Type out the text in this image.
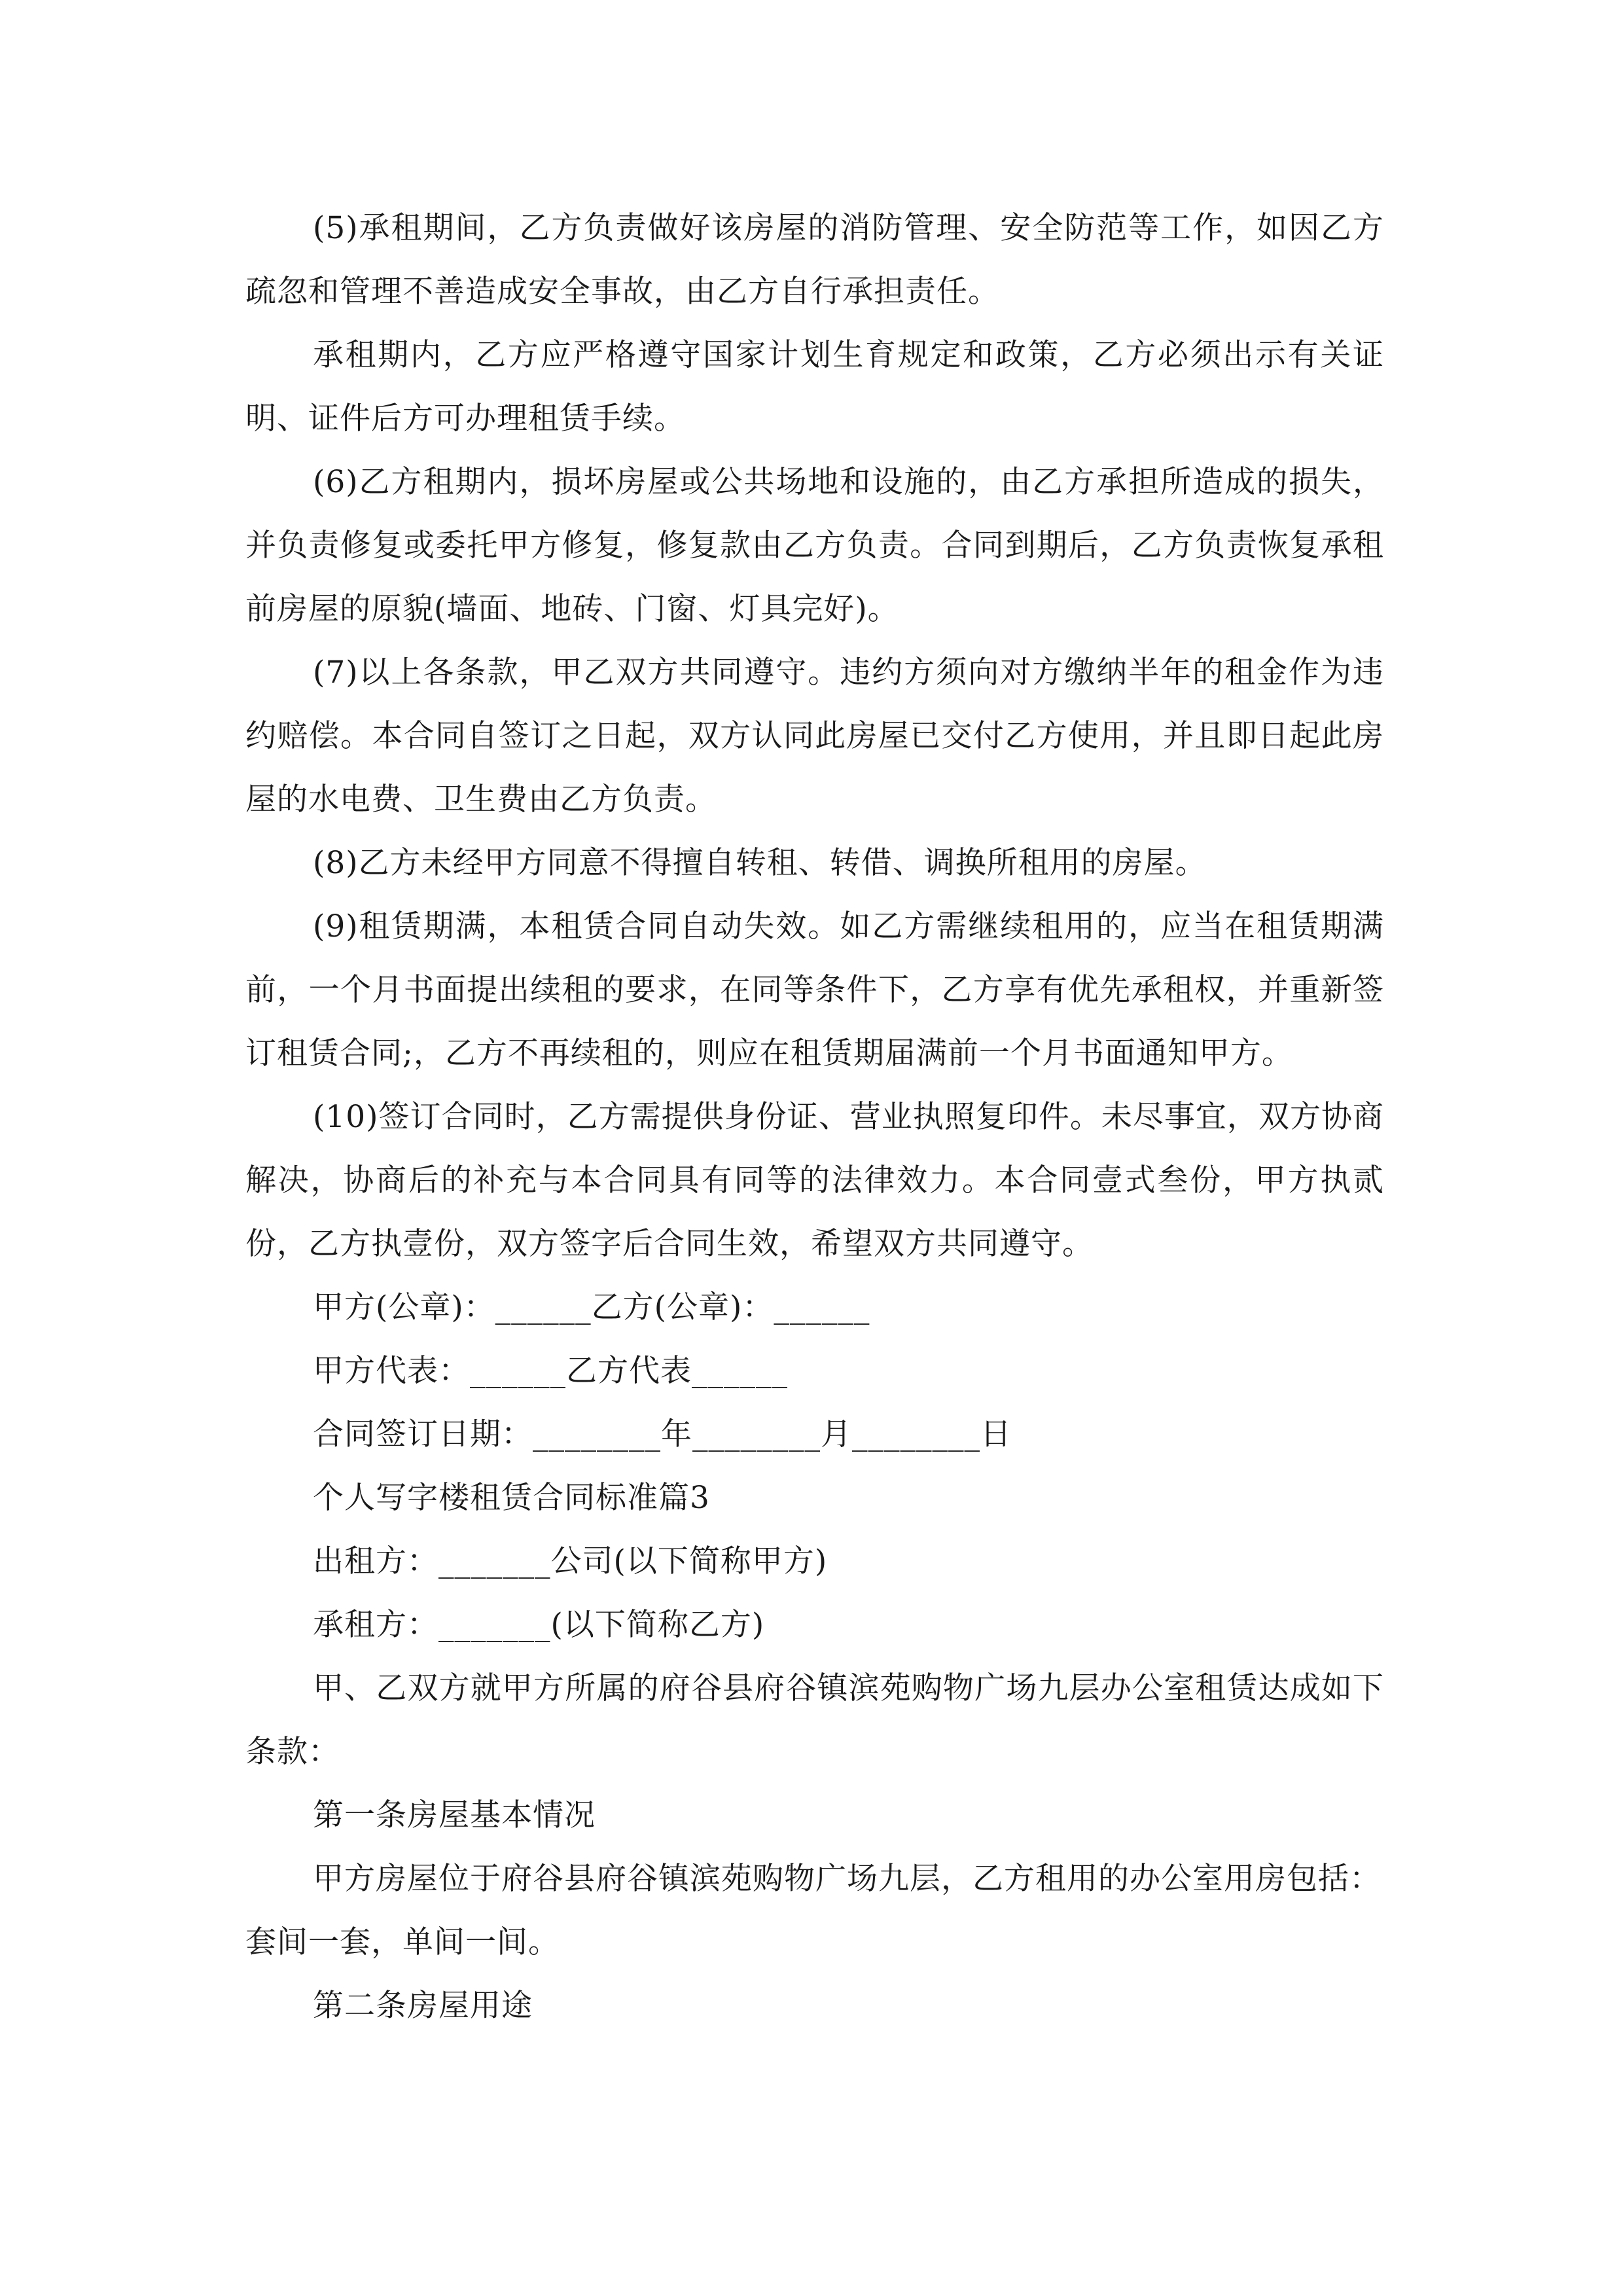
(5)承租期间，乙方负责做好该房屋的消防管理、安全防范等工作，如因乙方疏忽和管理不善造成安全事故，由乙方自行承担责任。

承租期内，乙方应严格遵守国家计划生育规定和政策，乙方必须出示有关证明、证件后方可办理租赁手续。

(6)乙方租期内，损坏房屋或公共场地和设施的，由乙方承担所造成的损失，并负责修复或委托甲方修复，修复款由乙方负责。合同到期后，乙方负责恢复承租前房屋的原貌(墙面、地砖、门窗、灯具完好)。

(7)以上各条款，甲乙双方共同遵守。违约方须向对方缴纳半年的租金作为违约赔偿。本合同自签订之日起，双方认同此房屋已交付乙方使用，并且即日起此房屋的水电费、卫生费由乙方负责。

(8)乙方未经甲方同意不得擅自转租、转借、调换所租用的房屋。

(9)租赁期满，本租赁合同自动失效。如乙方需继续租用的，应当在租赁期满前，一个月书面提出续租的要求，在同等条件下，乙方享有优先承租权，并重新签订租赁合同;，乙方不再续租的，则应在租赁期届满前一个月书面通知甲方。

(10)签订合同时，乙方需提供身份证、营业执照复印件。未尽事宜，双方协商解决，协商后的补充与本合同具有同等的法律效力。本合同壹式叁份，甲方执贰份，乙方执壹份，双方签字后合同生效，希望双方共同遵守。

甲方(公章)：______乙方(公章)：______

甲方代表：______乙方代表______

合同签订日期：________年________月________日

个人写字楼租赁合同标准篇3

出租方：_______公司(以下简称甲方)

承租方：_______(以下简称乙方)

甲、乙双方就甲方所属的府谷县府谷镇滨苑购物广场九层办公室租赁达成如下条款：

第一条房屋基本情况

甲方房屋位于府谷县府谷镇滨苑购物广场九层，乙方租用的办公室用房包括：

套间一套，单间一间。

第二条房屋用途
